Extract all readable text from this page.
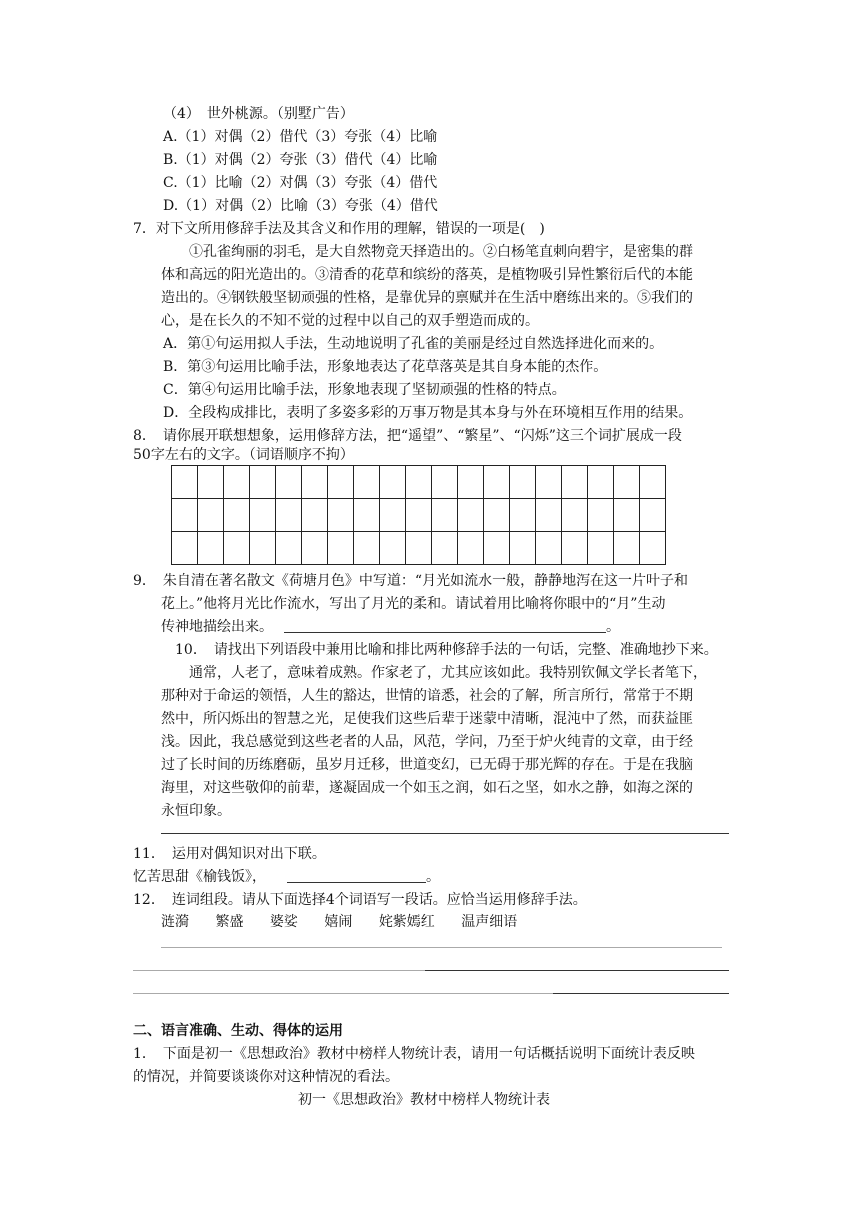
（4）　世外桃源。（别墅广告）
A.（1）对偶（2）借代（3）夸张（4）比喻
B.（1）对偶（2）夸张（3）借代（4）比喻
C.（1）比喻（2）对偶（3）夸张（4）借代
D.（1）对偶（2）比喻（3）夸张（4）借代
7．对下文所用修辞手法及其含义和作用的理解，错误的一项是(　)
①孔雀绚丽的羽毛，是大自然物竞天择造出的。②白杨笔直刺向碧宇，是密集的群
体和高远的阳光造出的。③清香的花草和缤纷的落英，是植物吸引异性繁衍后代的本能
造出的。④钢铁般坚韧顽强的性格，是靠优异的禀赋并在生活中磨练出来的。⑤我们的
心，是在长久的不知不觉的过程中以自己的双手塑造而成的。
A．第①句运用拟人手法，生动地说明了孔雀的美丽是经过自然选择进化而来的。
B．第③句运用比喻手法，形象地表达了花草落英是其自身本能的杰作。
C．第④句运用比喻手法，形象地表现了坚韧顽强的性格的特点。
D．全段构成排比，表明了多姿多彩的万事万物是其本身与外在环境相互作用的结果。
8．　请你展开联想想象，运用修辞方法，把“遥望”、“繁星”、“闪烁”这三个词扩展成一段
50字左右的文字。（词语顺序不拘）

9．　朱自清在著名散文《荷塘月色》中写道：“月光如流水一般，静静地泻在这一片叶子和
花上。”他将月光比作流水，写出了月光的柔和。请试着用比喻将你眼中的“月”生动
传神地描绘出来。	。
10．　请找出下列语段中兼用比喻和排比两种修辞手法的一句话，完整、准确地抄下来。
通常，人老了，意味着成熟。作家老了，尤其应该如此。我特别钦佩文学长者笔下，
那种对于命运的领悟，人生的豁达，世情的谙悉，社会的了解，所言所行，常常于不期
然中，所闪烁出的智慧之光，足使我们这些后辈于迷蒙中清晰，混沌中了然，而获益匪
浅。因此，我总感觉到这些老者的人品，风范，学问，乃至于炉火纯青的文章，由于经
过了长时间的历练磨砺，虽岁月迁移，世道变幻，已无碍于那光辉的存在。于是在我脑
海里，对这些敬仰的前辈，遂凝固成一个如玉之润，如石之坚，如水之静，如海之深的
永恒印象。
11．　运用对偶知识对出下联。
忆苦思甜《榆钱饭》，	。
12．　连词组段。请从下面选择4个词语写一段话。应恰当运用修辞手法。
涟漪 繁盛 婆娑 嬉闹 姹紫嫣红 温声细语
二、语言准确、生动、得体的运用
1．　下面是初一《思想政治》教材中榜样人物统计表，请用一句话概括说明下面统计表反映
的情况，并简要谈谈你对这种情况的看法。
初一《思想政治》教材中榜样人物统计表
